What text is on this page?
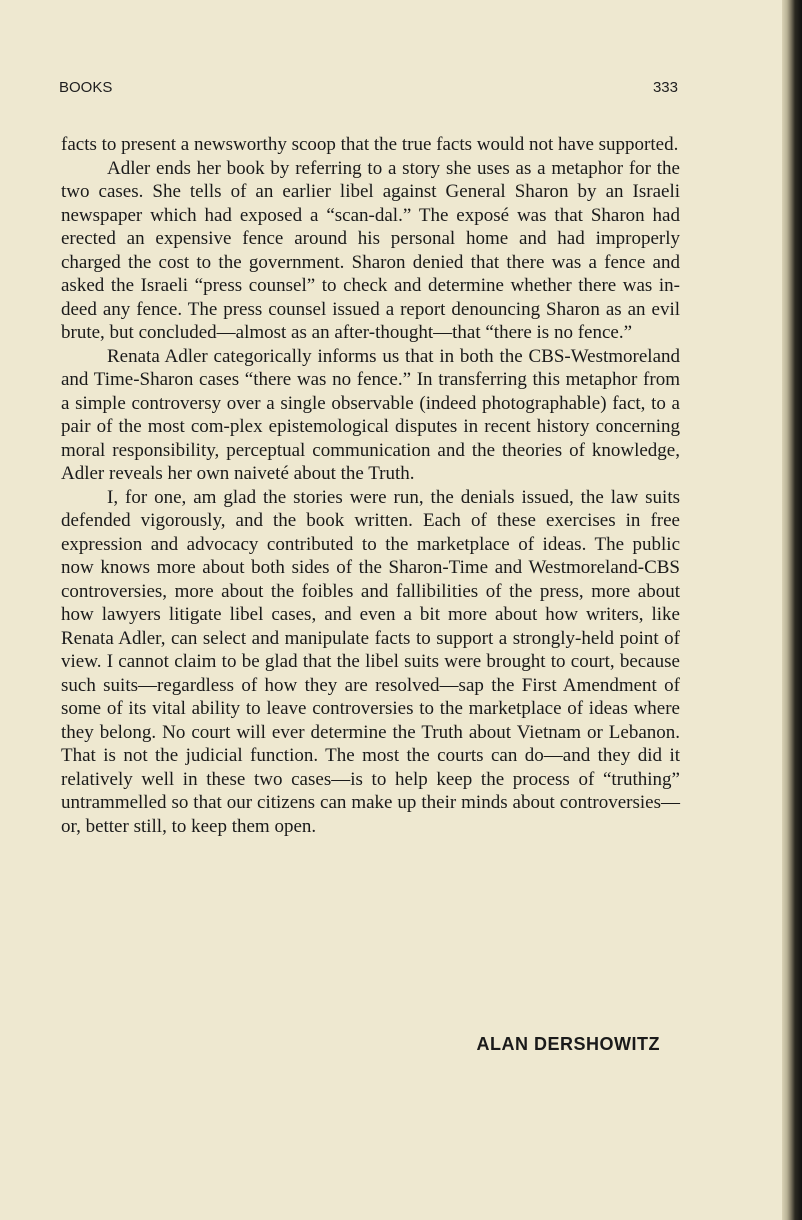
BOOKS	333

facts to present a newsworthy scoop that the true facts would not have supported.

Adler ends her book by referring to a story she uses as a metaphor for the two cases. She tells of an earlier libel against General Sharon by an Israeli newspaper which had exposed a “scan-dal.” The exposé was that Sharon had erected an expensive fence around his personal home and had improperly charged the cost to the government. Sharon denied that there was a fence and asked the Israeli “press counsel” to check and determine whether there was in-deed any fence. The press counsel issued a report denouncing Sharon as an evil brute, but concluded—almost as an after-thought—that “there is no fence.”

Renata Adler categorically informs us that in both the CBS-Westmoreland and Time-Sharon cases “there was no fence.” In transferring this metaphor from a simple controversy over a single observable (indeed photographable) fact, to a pair of the most com-plex epistemological disputes in recent history concerning moral responsibility, perceptual communication and the theories of knowledge, Adler reveals her own naiveté about the Truth.

I, for one, am glad the stories were run, the denials issued, the law suits defended vigorously, and the book written. Each of these exercises in free expression and advocacy contributed to the marketplace of ideas. The public now knows more about both sides of the Sharon-Time and Westmoreland-CBS controversies, more about the foibles and fallibilities of the press, more about how lawyers litigate libel cases, and even a bit more about how writers, like Renata Adler, can select and manipulate facts to support a strongly-held point of view. I cannot claim to be glad that the libel suits were brought to court, because such suits—regardless of how they are resolved—sap the First Amendment of some of its vital ability to leave controversies to the marketplace of ideas where they belong. No court will ever determine the Truth about Vietnam or Lebanon. That is not the judicial function. The most the courts can do—and they did it relatively well in these two cases—is to help keep the process of “truthing” untrammelled so that our citizens can make up their minds about controversies—or, better still, to keep them open.

ALAN DERSHOWITZ
